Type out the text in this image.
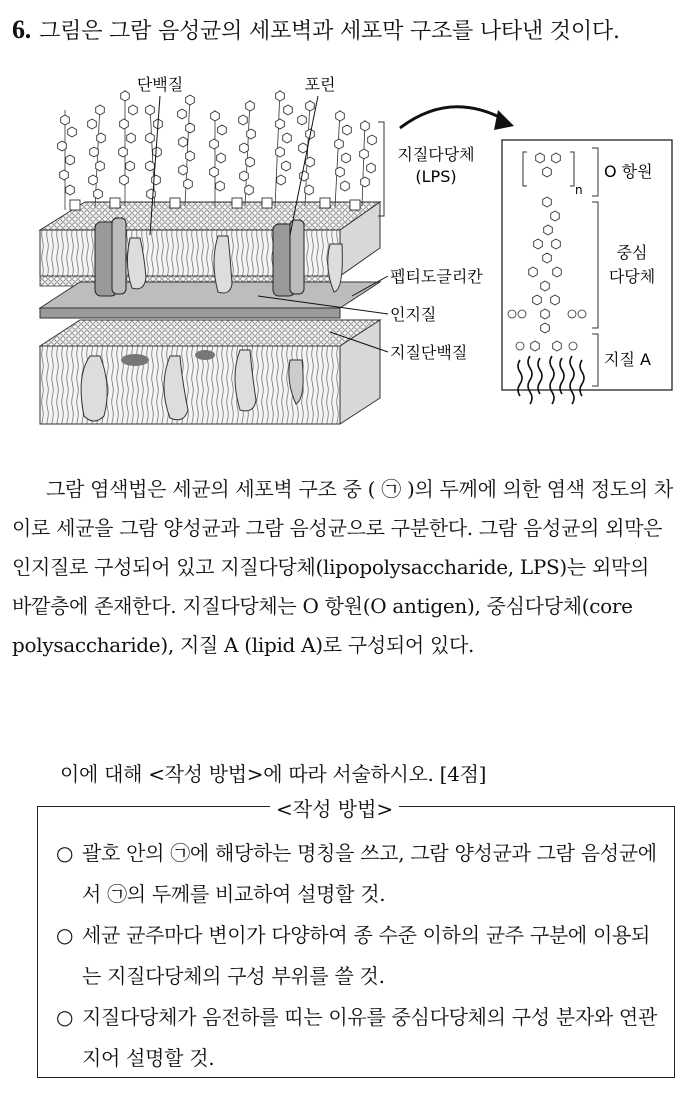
6. 그림은 그람 음성균의 세포벽과 세포막 구조를 나타낸 것이다.
지질다당체
(LPS)
단백질	포린
펩티도글리칸
인지질
지질단백질
n
O 항원
중심
다당체
지질 A

그람 염색법은 세균의 세포벽 구조 중 ( ㉠ )의 두께에 의한 염색 정도의 차이로 세균을 그람 양성균과 그람 음성균으로 구분한다. 그람 음성균의 외막은 인지질로 구성되어 있고 지질다당체(lipopolysaccharide, LPS)는 외막의 바깥층에 존재한다. 지질다당체는 O 항원(O antigen), 중심다당체(core polysaccharide), 지질 A (lipid A)로 구성되어 있다.

이에 대해 <작성 방법>에 따라 서술하시오. [4점]
<작성 방법>
○ 괄호 안의 ㉠에 해당하는 명칭을 쓰고, 그람 양성균과 그람 음성균에서 ㉠의 두께를 비교하여 설명할 것.
○ 세균 균주마다 변이가 다양하여 종 수준 이하의 균주 구분에 이용되는 지질다당체의 구성 부위를 쓸 것.
○ 지질다당체가 음전하를 띠는 이유를 중심다당체의 구성 분자와 연관 지어 설명할 것.
